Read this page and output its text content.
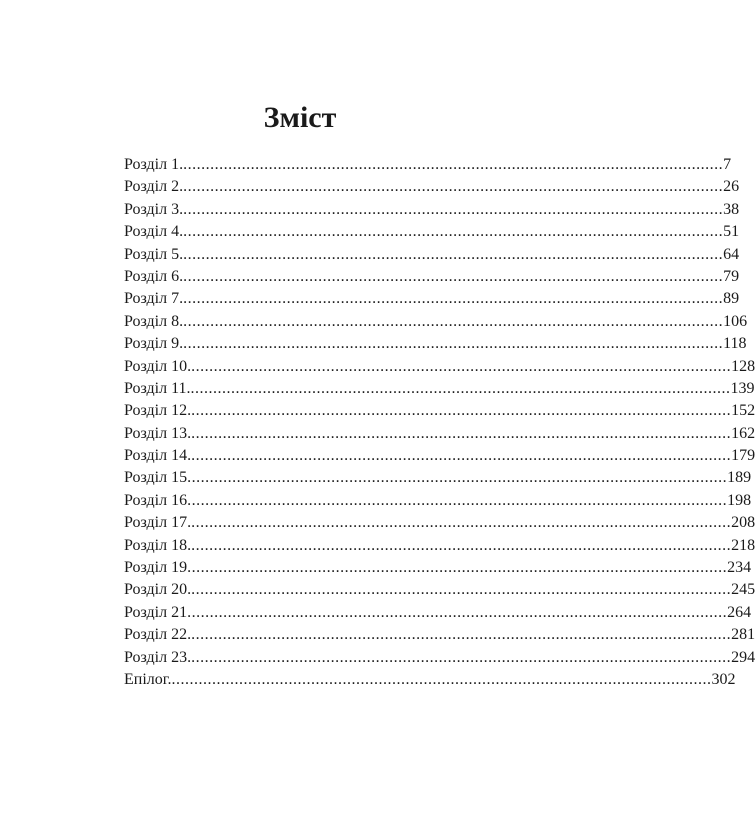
Зміст
Розділ 1. ........................................................................................................................ 7
Розділ 2. ........................................................................................................................ 26
Розділ 3. ........................................................................................................................ 38
Розділ 4. ........................................................................................................................ 51
Розділ 5. ........................................................................................................................ 64
Розділ 6. ........................................................................................................................ 79
Розділ 7. ........................................................................................................................ 89
Розділ 8. ........................................................................................................................ 106
Розділ 9. ........................................................................................................................ 118
Розділ 10. ........................................................................................................................ 128
Розділ 11. ........................................................................................................................ 139
Розділ 12. ........................................................................................................................ 152
Розділ 13. ........................................................................................................................ 162
Розділ 14. ........................................................................................................................ 179
Розділ 15 ........................................................................................................................ 189
Розділ 16 ........................................................................................................................ 198
Розділ 17. ........................................................................................................................ 208
Розділ 18. ........................................................................................................................ 218
Розділ 19 ........................................................................................................................ 234
Розділ 20. ........................................................................................................................ 245
Розділ 21 ........................................................................................................................ 264
Розділ 22. ........................................................................................................................ 281
Розділ 23. ........................................................................................................................ 294
Епілог. ........................................................................................................................ 302
